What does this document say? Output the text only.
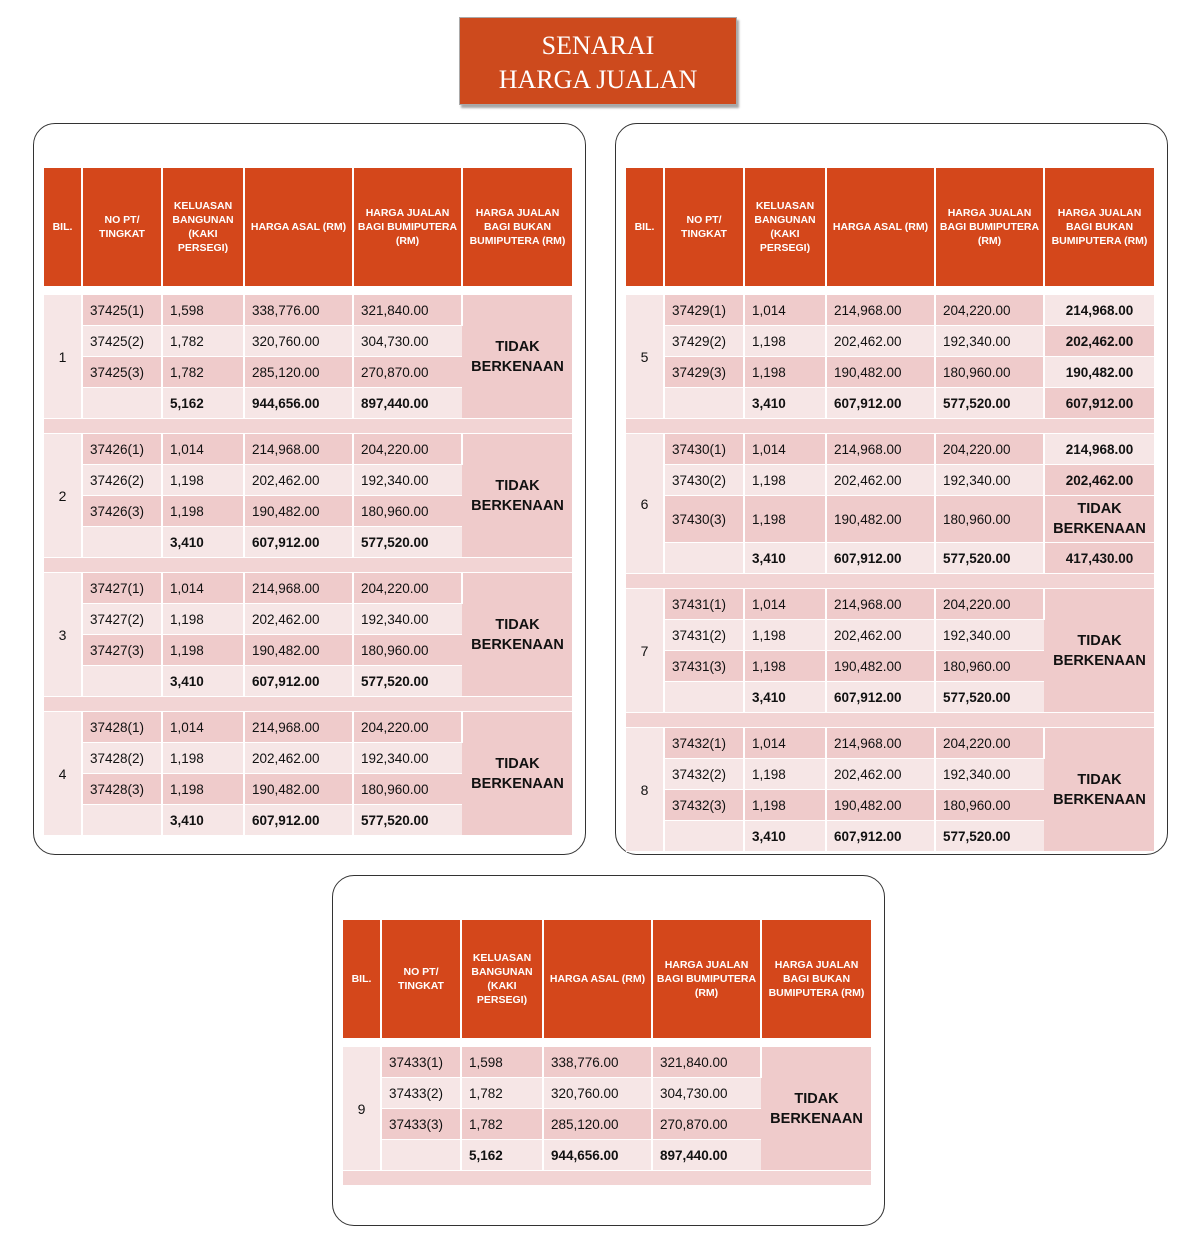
SENARAI
HARGA JUALAN
BIL.	NO PT/ TINGKAT	KELUASAN BANGUNAN (KAKI PERSEGI)	HARGA ASAL (RM)	HARGA JUALAN BAGI BUMIPUTERA (RM)	HARGA JUALAN BAGI BUKAN BUMIPUTERA (RM)

1	37425(1)	1,598	338,776.00	321,840.00	TIDAK BERKENAAN
	37425(2)	1,782	320,760.00	304,730.00	
	37425(3)	1,782	285,120.00	270,870.00	
		5,162	944,656.00	897,440.00	

2	37426(1)	1,014	214,968.00	204,220.00	TIDAK BERKENAAN
	37426(2)	1,198	202,462.00	192,340.00	
	37426(3)	1,198	190,482.00	180,960.00	
		3,410	607,912.00	577,520.00	

3	37427(1)	1,014	214,968.00	204,220.00	TIDAK BERKENAAN
	37427(2)	1,198	202,462.00	192,340.00	
	37427(3)	1,198	190,482.00	180,960.00	
		3,410	607,912.00	577,520.00	

4	37428(1)	1,014	214,968.00	204,220.00	TIDAK BERKENAAN
	37428(2)	1,198	202,462.00	192,340.00	
	37428(3)	1,198	190,482.00	180,960.00	
		3,410	607,912.00	577,520.00	
BIL.	NO PT/ TINGKAT	KELUASAN BANGUNAN (KAKI PERSEGI)	HARGA ASAL (RM)	HARGA JUALAN BAGI BUMIPUTERA (RM)	HARGA JUALAN BAGI BUKAN BUMIPUTERA (RM)

5	37429(1)	1,014	214,968.00	204,220.00	214,968.00
	37429(2)	1,198	202,462.00	192,340.00	202,462.00
	37429(3)	1,198	190,482.00	180,960.00	190,482.00
		3,410	607,912.00	577,520.00	607,912.00

6	37430(1)	1,014	214,968.00	204,220.00	214,968.00
	37430(2)	1,198	202,462.00	192,340.00	202,462.00
	37430(3)	1,198	190,482.00	180,960.00	TIDAK BERKENAAN
		3,410	607,912.00	577,520.00	417,430.00

7	37431(1)	1,014	214,968.00	204,220.00	TIDAK BERKENAAN
	37431(2)	1,198	202,462.00	192,340.00	
	37431(3)	1,198	190,482.00	180,960.00	
		3,410	607,912.00	577,520.00	

8	37432(1)	1,014	214,968.00	204,220.00	TIDAK BERKENAAN
	37432(2)	1,198	202,462.00	192,340.00	
	37432(3)	1,198	190,482.00	180,960.00	
		3,410	607,912.00	577,520.00	
BIL.	NO PT/ TINGKAT	KELUASAN BANGUNAN (KAKI PERSEGI)	HARGA ASAL (RM)	HARGA JUALAN BAGI BUMIPUTERA (RM)	HARGA JUALAN BAGI BUKAN BUMIPUTERA (RM)

9	37433(1)	1,598	338,776.00	321,840.00	TIDAK BERKENAAN
	37433(2)	1,782	320,760.00	304,730.00	
	37433(3)	1,782	285,120.00	270,870.00	
		5,162	944,656.00	897,440.00	
